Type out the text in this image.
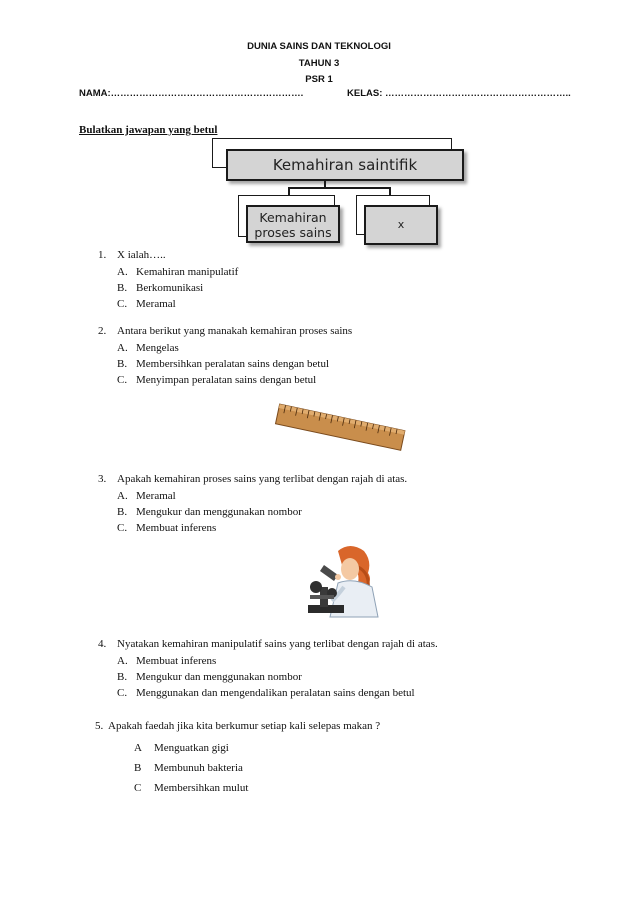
DUNIA SAINS DAN TEKNOLOGI
TAHUN 3
PSR 1
NAMA:…………………………………………………….	KELAS: …………………………………………………..
Bulatkan jawapan yang betul
Kemahiran saintifik
Kemahiran
proses sains
x
1. X ialah…..
A. Kemahiran manipulatif
B. Berkomunikasi
C. Meramal
2. Antara berikut yang manakah kemahiran proses sains
A. Mengelas
B. Membersihkan peralatan sains dengan betul
C. Menyimpan peralatan sains dengan betul
3. Apakah kemahiran proses sains yang terlibat dengan rajah di atas.
A. Meramal
B. Mengukur dan menggunakan nombor
C. Membuat inferens
4. Nyatakan kemahiran manipulatif sains yang terlibat dengan rajah di atas.
A. Membuat inferens
B. Mengukur dan menggunakan nombor
C. Menggunakan dan mengendalikan peralatan sains dengan betul
5. Apakah faedah jika kita berkumur setiap kali selepas makan ?
A Menguatkan gigi
B Membunuh bakteria
C Membersihkan mulut
